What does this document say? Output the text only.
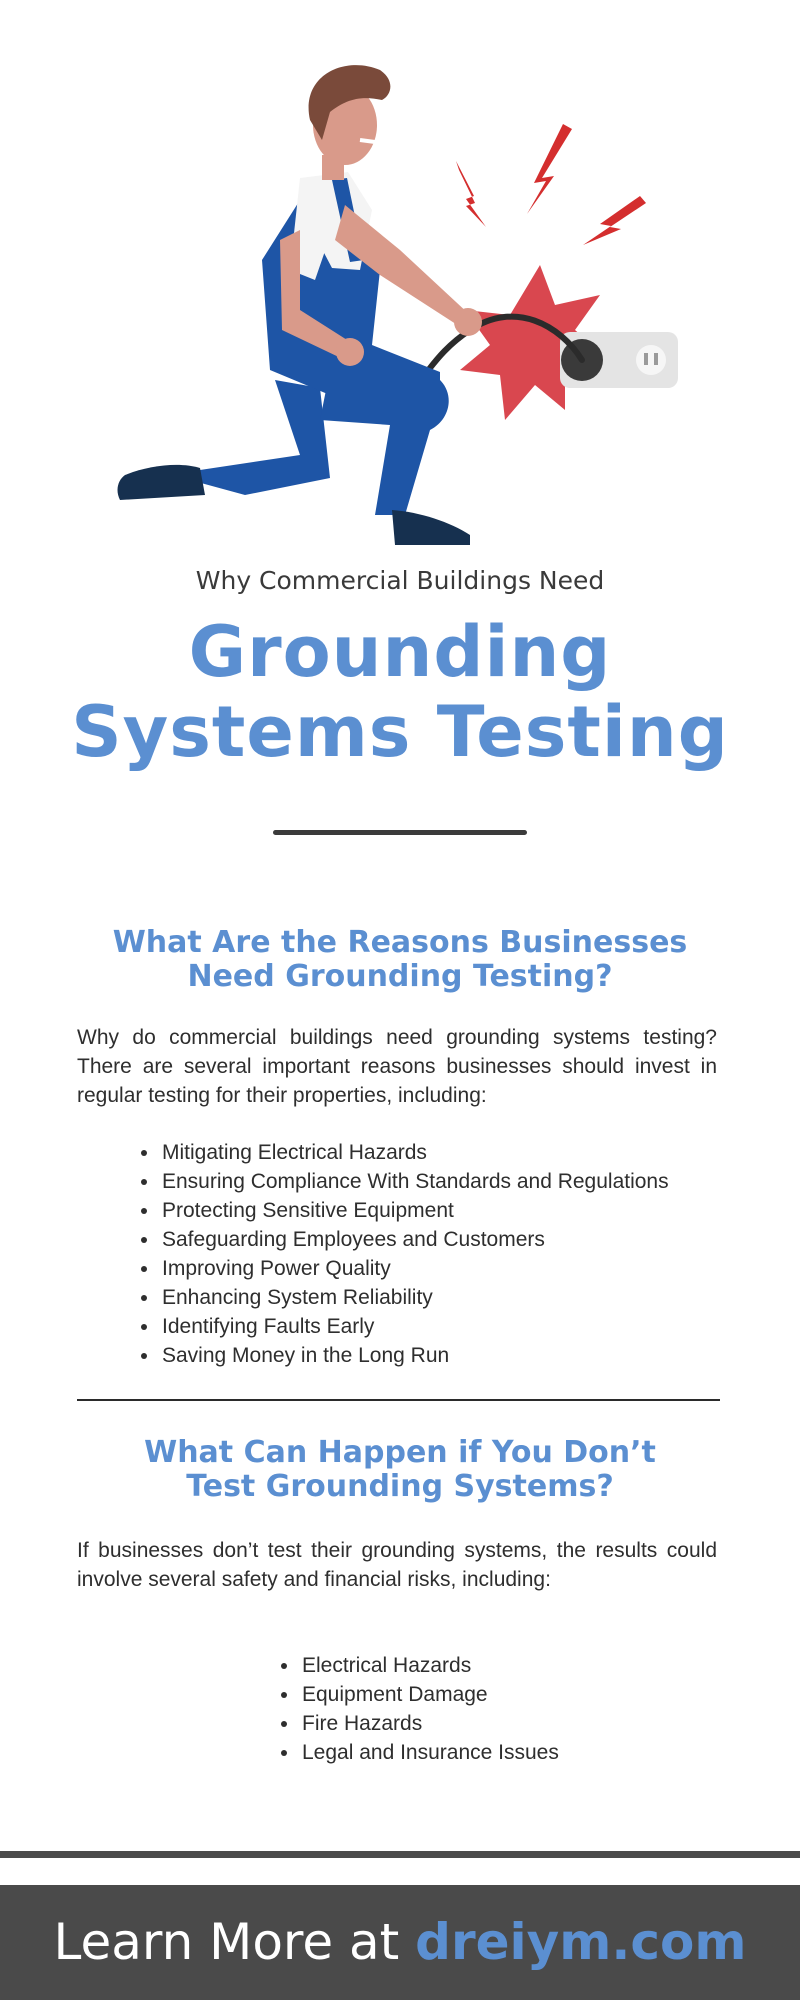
Why Commercial Buildings Need
Grounding
Systems Testing
What Are the Reasons Businesses
Need Grounding Testing?
Why do commercial buildings need grounding systems testing? There are several important reasons businesses should invest in regular testing for their properties, including:
• Mitigating Electrical Hazards
• Ensuring Compliance With Standards and Regulations
• Protecting Sensitive Equipment
• Safeguarding Employees and Customers
• Improving Power Quality
• Enhancing System Reliability
• Identifying Faults Early
• Saving Money in the Long Run
What Can Happen if You Don’t
Test Grounding Systems?
If businesses don’t test their grounding systems, the results could involve several safety and financial risks, including:
• Electrical Hazards
• Equipment Damage
• Fire Hazards
• Legal and Insurance Issues
Learn More at dreiym.com
